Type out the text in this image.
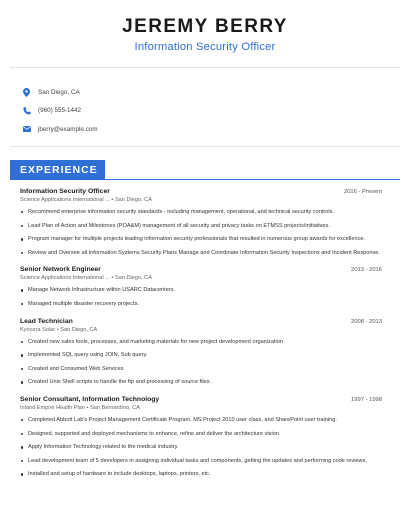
JEREMY BERRY
Information Security Officer
San Diego, CA
(960) 555-1442
jberry@example.com
EXPERIENCE
Information Security Officer	2016 - Present
Science Applications International ... • San Diego, CA
Recommend enterprise information security standards - including management, operational, and technical security controls.
Lead Plan of Action and Milestones (POA&M) management of all security and privacy tasks on ETMSS projects/initiatives.
Program manager for multiple projects leading information security professionals that resulted in numerous group awards for excellence.
Review and Oversee all Information Systems Security Plans Manage and Coordinate Information Security Inspections and Incident Response.
Senior Network Engineer	2013 - 2016
Science Applications International ... • San Diego, CA
Manage Network Infrastructure within USARC Datacenters.
Managed multiple disaster recovery projects.
Lead Technician	2008 - 2013
Kyocera Solar • San Diego, CA
Created new sales tools, processes, and marketing materials for new project development organization
Implemented SQL query using JOIN, Sub query.
Created and Consumed Web Services.
Created Unix Shell scripts to handle the ftp and processing of source files.
Senior Consultant, Information Technology	1997 - 1998
Inland Empire Health Plan • San Bernardino, CA
Completed Abbott Lab's Project Management Certificate Program, MS Project 2010 user class, and SharePoint user training.
Designed, supported and deployed mechanisms to enhance, refine and deliver the architecture vision.
Apply Information Technology related to the medical industry.
Lead development team of 5 developers in assigning individual tasks and components, getting the updates and performing code reviews.
Installed and setup of hardware to include desktops, laptops, printers, etc.
